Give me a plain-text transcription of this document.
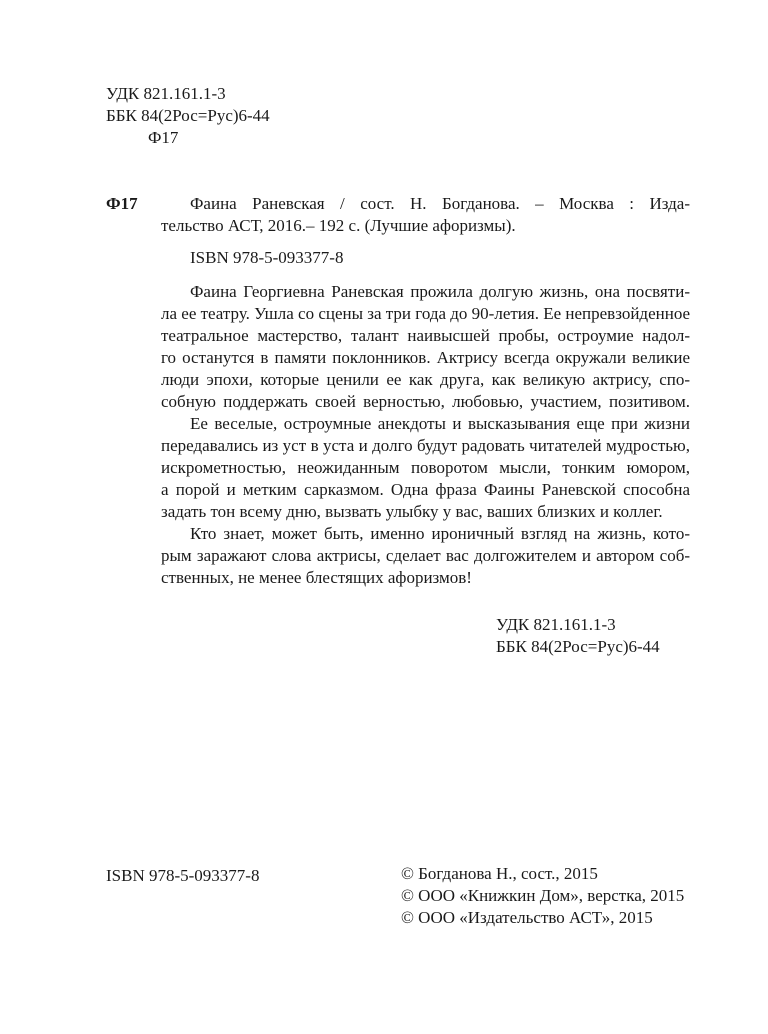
УДК 821.161.1-3
ББК 84(2Рос=Рус)6-44
Ф17
Ф17	Фаина Раневская / сост. Н. Богданова. – Москва : Изда-
тельство АСТ, 2016.– 192 с. (Лучшие афоризмы).
ISBN 978-5-093377-8
Фаина Георгиевна Раневская прожила долгую жизнь, она посвяти-
ла ее театру. Ушла со сцены за три года до 90-летия. Ее непревзойденное
театральное мастерство, талант наивысшей пробы, остроумие надол-
го останутся в памяти поклонников. Актрису всегда окружали великие
люди эпохи, которые ценили ее как друга, как великую актрису, спо-
собную поддержать своей верностью, любовью, участием, позитивом.
Ее веселые, остроумные анекдоты и высказывания еще при жизни
передавались из уст в уста и долго будут радовать читателей мудростью,
искрометностью, неожиданным поворотом мысли, тонким юмором,
а порой и метким сарказмом. Одна фраза Фаины Раневской способна
задать тон всему дню, вызвать улыбку у вас, ваших близких и коллег.
Кто знает, может быть, именно ироничный взгляд на жизнь, кото-
рым заражают слова актрисы, сделает вас долгожителем и автором соб-
ственных, не менее блестящих афоризмов!
УДК 821.161.1-3
ББК 84(2Рос=Рус)6-44
ISBN 978-5-093377-8	© Богданова Н., сост., 2015
© ООО «Книжкин Дом», верстка, 2015
© ООО «Издательство АСТ», 2015
